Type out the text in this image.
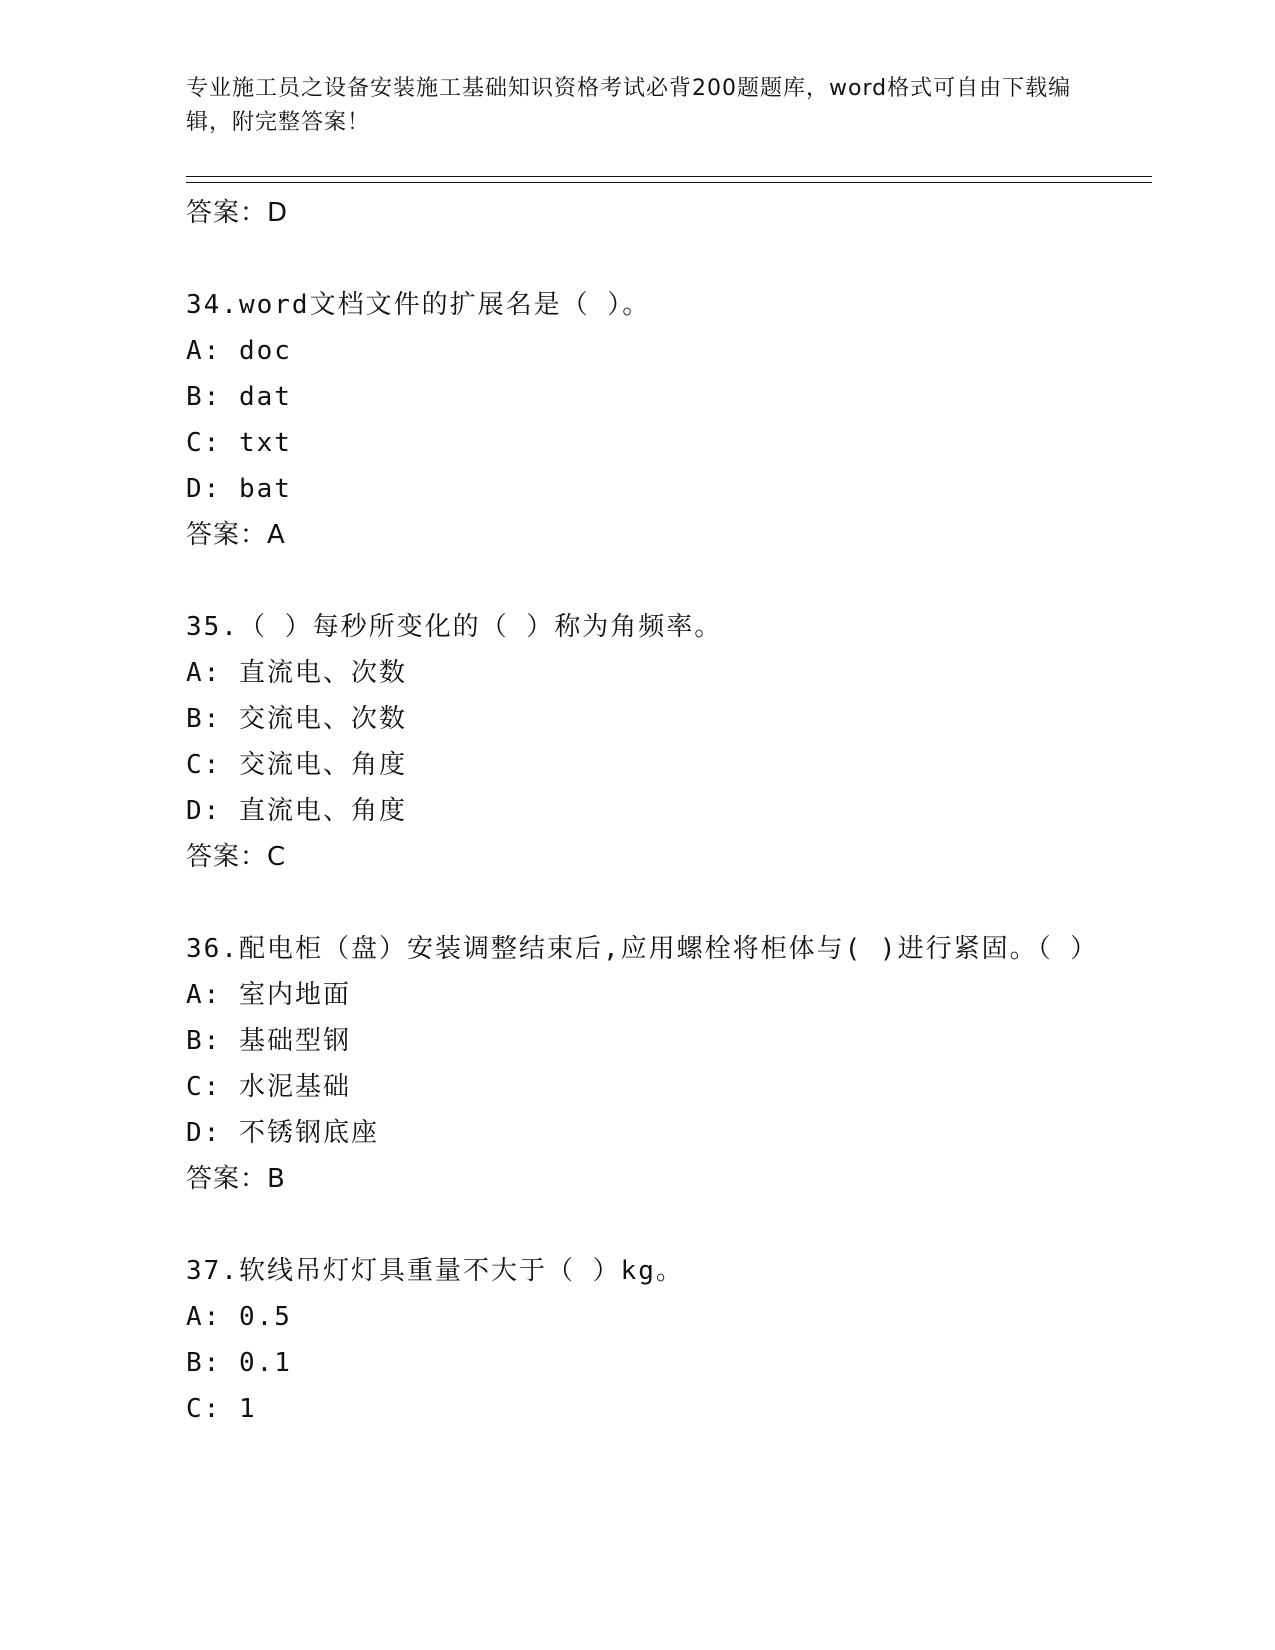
专业施工员之设备安装施工基础知识资格考试必背200题题库，word格式可自由下载编辑，附完整答案！
答案：D
34.word文档文件的扩展名是（ ）。
A: doc
B: dat
C: txt
D: bat
答案：A
35.（ ）每秒所变化的（ ）称为角频率。
A: 直流电、次数
B: 交流电、次数
C: 交流电、角度
D: 直流电、角度
答案：C
36.配电柜（盘）安装调整结束后,应用螺栓将柜体与( )进行紧固。（ ）
A: 室内地面
B: 基础型钢
C: 水泥基础
D: 不锈钢底座
答案：B
37.软线吊灯灯具重量不大于（ ）kg。
A: 0.5
B: 0.1
C: 1
